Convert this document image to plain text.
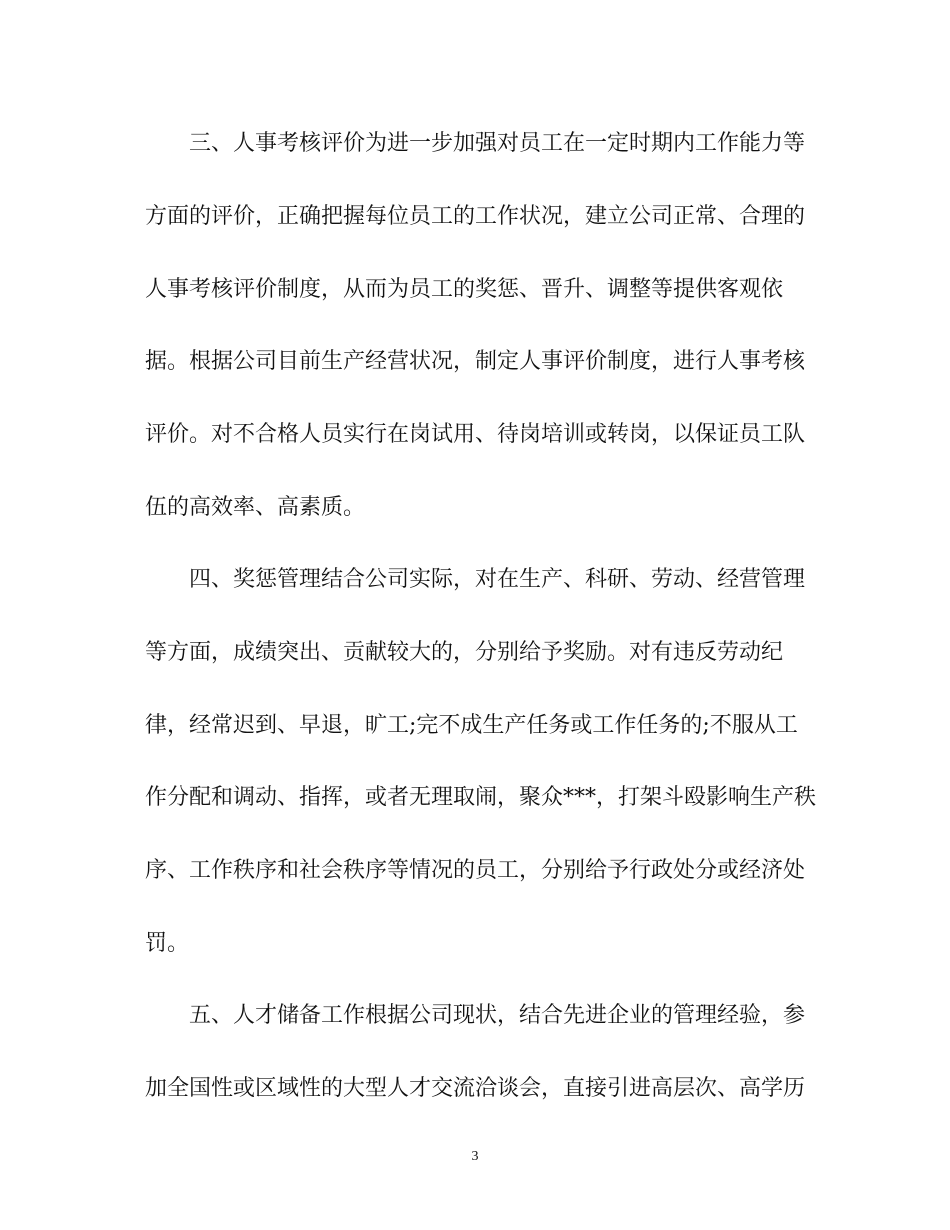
　　三、人事考核评价为进一步加强对员工在一定时期内工作能力等
方面的评价，正确把握每位员工的工作状况，建立公司正常、合理的
人事考核评价制度，从而为员工的奖惩、晋升、调整等提供客观依
据。根据公司目前生产经营状况，制定人事评价制度，进行人事考核
评价。对不合格人员实行在岗试用、待岗培训或转岗，以保证员工队
伍的高效率、高素质。
　　四、奖惩管理结合公司实际，对在生产、科研、劳动、经营管理
等方面，成绩突出、贡献较大的，分别给予奖励。对有违反劳动纪
律，经常迟到、早退，旷工;完不成生产任务或工作任务的;不服从工
作分配和调动、指挥，或者无理取闹，聚众***，打架斗殴影响生产秩
序、工作秩序和社会秩序等情况的员工，分别给予行政处分或经济处
罚。
　　五、人才储备工作根据公司现状，结合先进企业的管理经验，参
加全国性或区域性的大型人才交流洽谈会，直接引进高层次、高学历
3
